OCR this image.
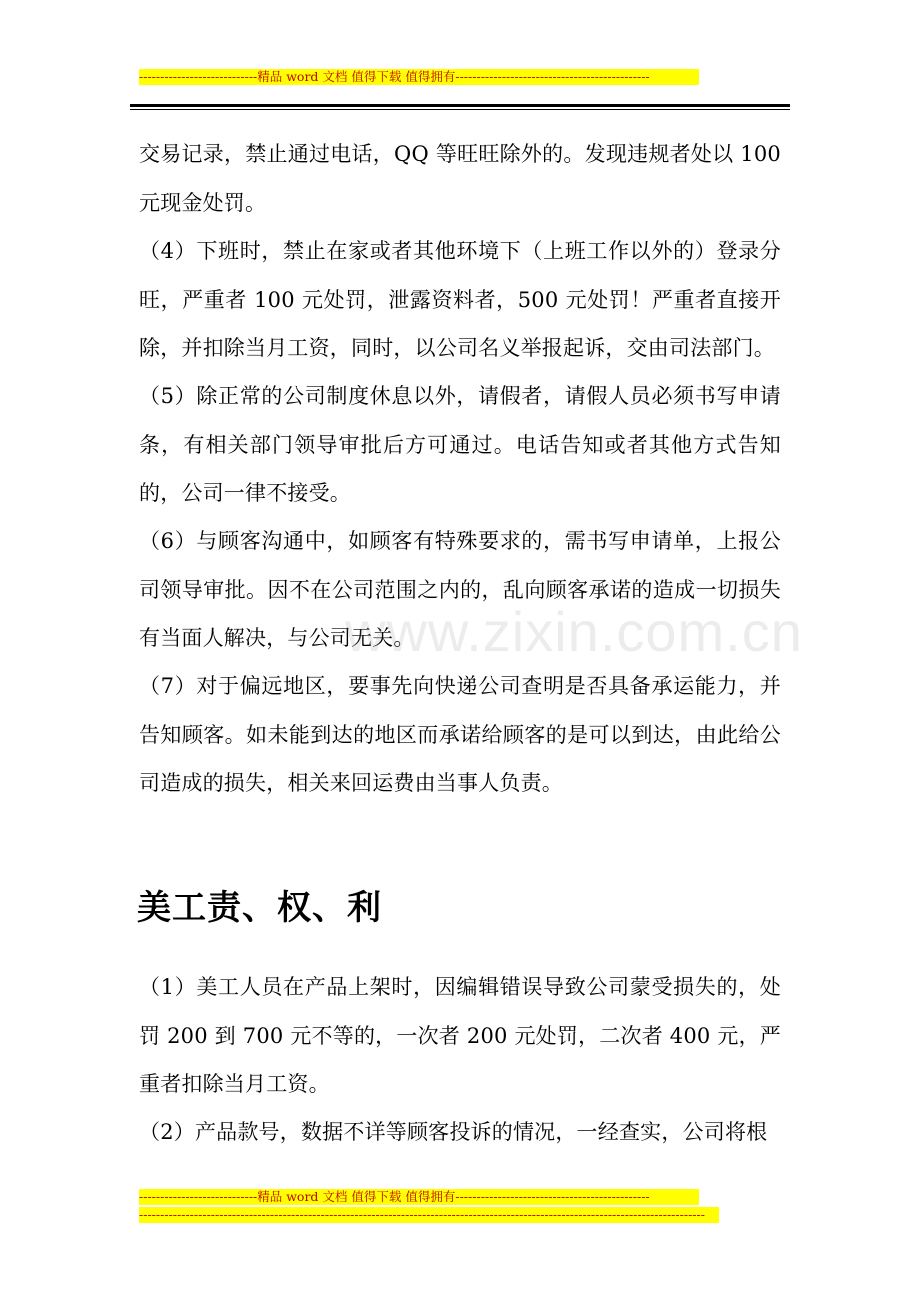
----------------------------精品 word 文档 值得下载 值得拥有----------------------------------------------

交易记录，禁止通过电话，QQ 等旺旺除外的。发现违规者处以 100 元现金处罚。

（4）下班时，禁止在家或者其他环境下（上班工作以外的）登录分旺，严重者 100 元处罚，泄露资料者，500 元处罚！严重者直接开除，并扣除当月工资，同时，以公司名义举报起诉，交由司法部门。

（5）除正常的公司制度休息以外，请假者，请假人员必须书写申请条，有相关部门领导审批后方可通过。电话告知或者其他方式告知的，公司一律不接受。

（6）与顾客沟通中，如顾客有特殊要求的，需书写申请单，上报公司领导审批。因不在公司范围之内的，乱向顾客承诺的造成一切损失有当面人解决，与公司无关。

（7）对于偏远地区，要事先向快递公司查明是否具备承运能力，并告知顾客。如未能到达的地区而承诺给顾客的是可以到达，由此给公司造成的损失，相关来回运费由当事人负责。

美工责、权、利

（1）美工人员在产品上架时，因编辑错误导致公司蒙受损失的，处罚 200 到 700 元不等的，一次者 200 元处罚，二次者 400 元，严重者扣除当月工资。

（2）产品款号，数据不详等顾客投诉的情况，一经查实，公司将根

www.zixin.com.cn
----------------------------精品 word 文档 值得下载 值得拥有----------------------------------------------
--------------------------------------------------------------------------------------------------------------------------------------
